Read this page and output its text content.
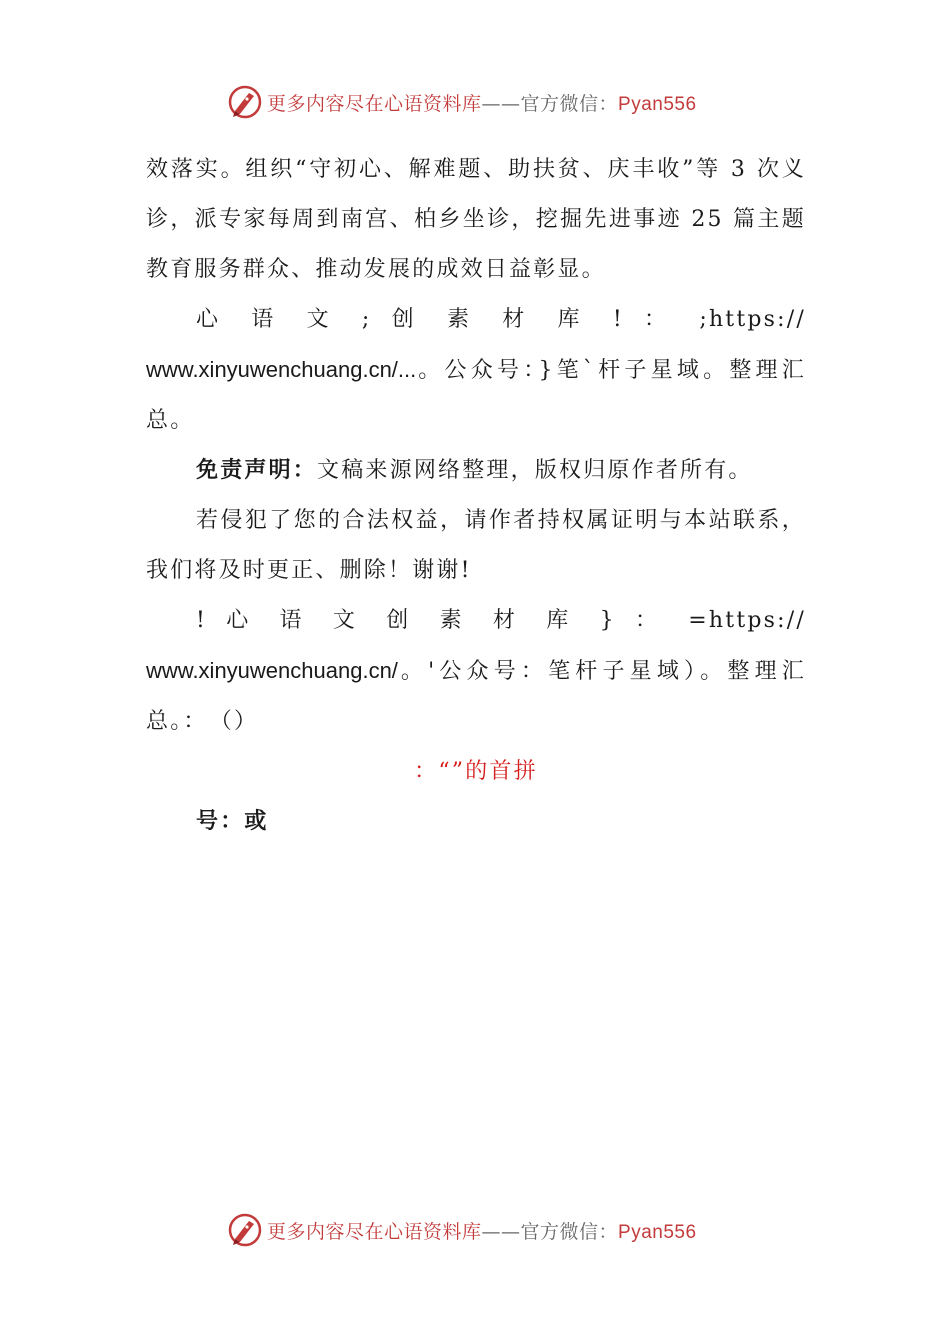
更多内容尽在心语资料库——官方微信：Pyan556

效落实。组织“守初心、解难题、助扶贫、庆丰收”等 3 次义诊，派专家每周到南宫、柏乡坐诊，挖掘先进事迹 25 篇主题教育服务群众、推动发展的成效日益彰显。

心 语 文 ; 创 素 材 库 ! ： ;https://

www.xinyuwenchuang.cn/...。公众号：}笔`杆子星域。整理汇总。

免责声明：文稿来源网络整理，版权归原作者所有。

若侵犯了您的合法权益，请作者持权属证明与本站联系，我们将及时更正、删除！谢谢!

! 心 语 文 创 素 材 库 } ： =https://

www.xinyuwenchuang.cn/。'公众号：笔杆子星域）。整理汇总。：　（）

：“”的首拼

号：或

更多内容尽在心语资料库——官方微信：Pyan556
